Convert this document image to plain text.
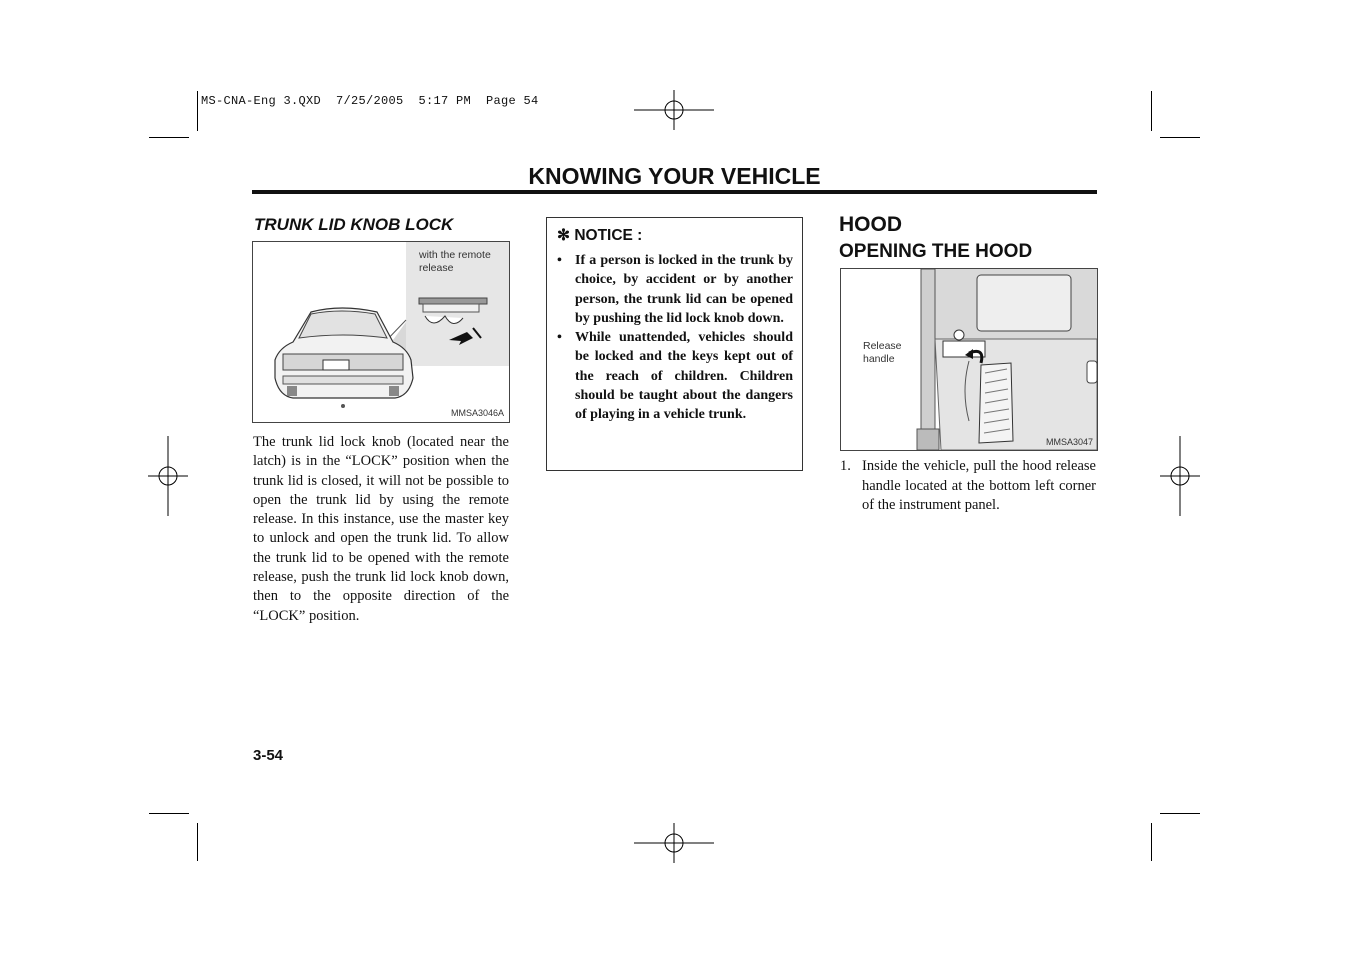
MS-CNA-Eng 3.QXD  7/25/2005  5:17 PM  Page 54
KNOWING YOUR VEHICLE
TRUNK LID KNOB LOCK
with the remote release
MMSA3046A
The trunk lid lock knob (located near the latch) is in the “LOCK” position when the trunk lid is closed, it will not be possible to open the trunk lid by using the remote release. In this instance, use the master key to unlock and open the trunk lid. To allow the trunk lid to be opened with the remote release, push the trunk lid lock knob down, then to the opposite direction of the “LOCK” position.
✻ NOTICE :
• If a person is locked in the trunk by choice, by accident or by another person, the trunk lid can be opened by pushing the lid lock knob down.
• While unattended, vehicles should be locked and the keys kept out of the reach of children. Children should be taught about the dangers of playing in a vehicle trunk.
HOOD
OPENING THE HOOD
Release handle
MMSA3047
1. Inside the vehicle, pull the hood release handle located at the bottom left corner of the instrument panel.
3-54
